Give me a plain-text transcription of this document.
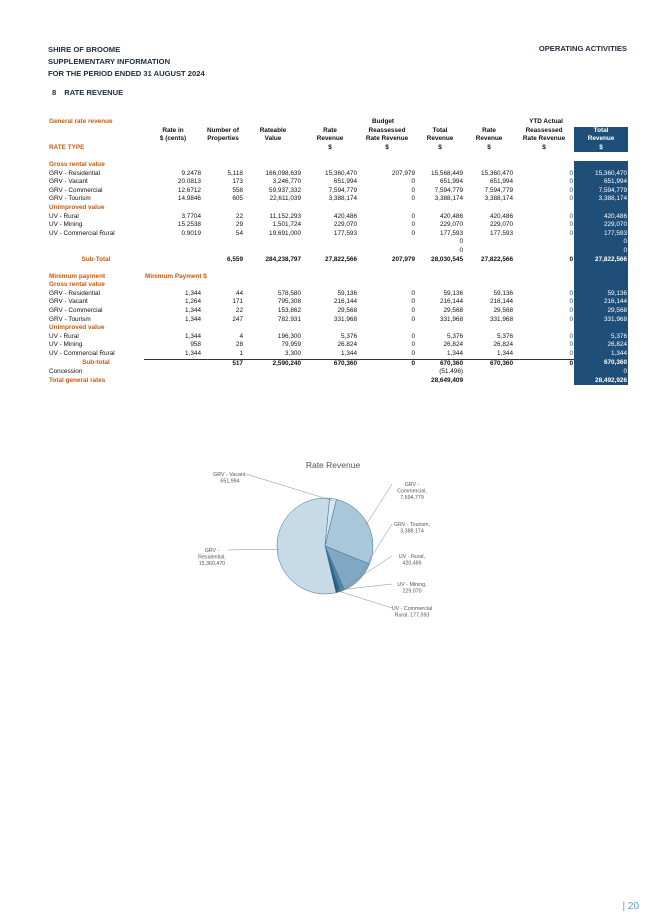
SHIRE OF BROOME
SUPPLEMENTARY INFORMATION
FOR THE PERIOD ENDED 31 AUGUST 2024
OPERATING ACTIVITIES
8 RATE REVENUE
General rate revenue				Budget			YTD Actual		
	Rate in	Number of	Rateable	Rate	Reassessed	Total	Rate	Reassessed	Total
	$ (cents)	Properties	Value	Revenue	Rate Revenue	Revenue	Revenue	Rate Revenue	Revenue
RATE TYPE				$	$	$	$	$	$

Gross rental value									
GRV - Residential	9.2478	5,118	166,098,639	15,360,470	207,979	15,568,449	15,360,470	0	15,360,470
GRV - Vacant	20.0813	173	3,246,770	651,994	0	651,994	651,994	0	651,994
GRV - Commercial	12.6712	558	59,937,332	7,594,779	0	7,594,779	7,594,779	0	7,594,779
GRV - Tourism	14.9846	605	22,611,039	3,388,174	0	3,388,174	3,388,174	0	3,388,174
Unimproved value									
UV - Rural	3.7704	22	11,152,293	420,486	0	420,486	420,486	0	420,486
UV - Mining	15.2538	29	1,501,724	229,070	0	229,070	229,070	0	229,070
UV - Commercial Rural	0.9019	54	19,691,000	177,593	0	177,593	177,593	0	177,593
						0			0
						0			0
Sub-Total		6,559	284,238,797	27,822,566	207,979	28,030,545	27,822,566	0	27,822,566

Minimum payment	Minimum Payment $								
Gross rental value									
GRV - Residential	1,344	44	578,580	59,136	0	59,136	59,136	0	59,136
GRV - Vacant	1,264	171	795,308	216,144	0	216,144	216,144	0	216,144
GRV - Commercial	1,344	22	153,862	29,568	0	29,568	29,568	0	29,568
GRV - Tourism	1,344	247	782,931	331,968	0	331,968	331,968	0	331,968
Unimproved value									
UV - Rural	1,344	4	196,300	5,376	0	5,376	5,376	0	5,376
UV - Mining	958	28	79,959	26,824	0	26,824	26,824	0	26,824
UV - Commercial Rural	1,344	1	3,300	1,344	0	1,344	1,344	0	1,344
Sub-total		517	2,590,240	670,360	0	670,360	670,360	0	670,360
Concession						(51,496)			0
Total general rates						28,649,409			28,492,926
Rate Revenue
GRV -Residential, 15,360,470
GRV - Vacant, 651,994
GRV -Commercial, 7,594,779
GRV - Tourism, 3,388,174
UV - Rural, 420,486
UV - Mining, 229,070
UV - Commercial Rural, 177,593
| 20
